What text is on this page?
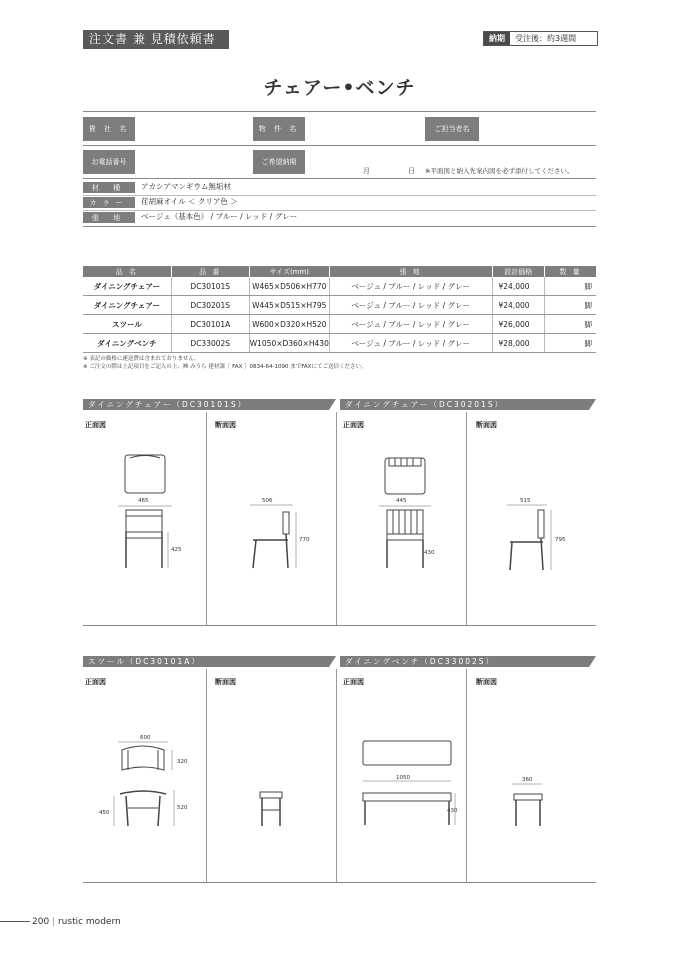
注文書 兼 見積依頼書	納期	受注後：約3週間
チェアー•ベンチ
貴 社 名	物 件 名	ご担当者名
お電話番号	ご希望納期
月	日 ※平面図と納入先案内図を必ず添付してください。
材 種	アカシアマンギウム無垢材
カラー	荏胡麻オイル ＜ クリア色 ＞
張 地	ベージュ（基本色） / ブルー / レッド / グレー
品 名	品 番	サイズ(mm)	張 地	設計価格	数 量
ダイニングチェアー	DC30101S	W465×D506×H770	ベージュ / ブルー / レッド / グレー	¥24,000	脚
ダイニングチェアー	DC30201S	W445×D515×H795	ベージュ / ブルー / レッド / グレー	¥24,000	脚
スツール	DC30101A	W600×D320×H520	ベージュ / ブルー / レッド / グレー	¥26,000	脚
ダイニングベンチ	DC33002S	W1050×D360×H430	ベージュ / ブルー / レッド / グレー	¥28,000	脚
※ 表記の価格に運送費は含まれておりません。
※ ご注文の際は上記項目をご記入の上、㈱ みうら 建材課［ FAX ］0834-64-1090 までFAXにてご送信ください。
ダイニングチェアー（DC30101S）	ダイニングチェアー（DC30201S）
正面図	断面図	正面図	断面図
465
425
506
770
445
430
515
795
スツール（DC30101A）	ダイニングベンチ（DC33002S）
正面図	断面図	正面図	断面図
600
320
450
520
1050
430
360
200 | rustic modern
